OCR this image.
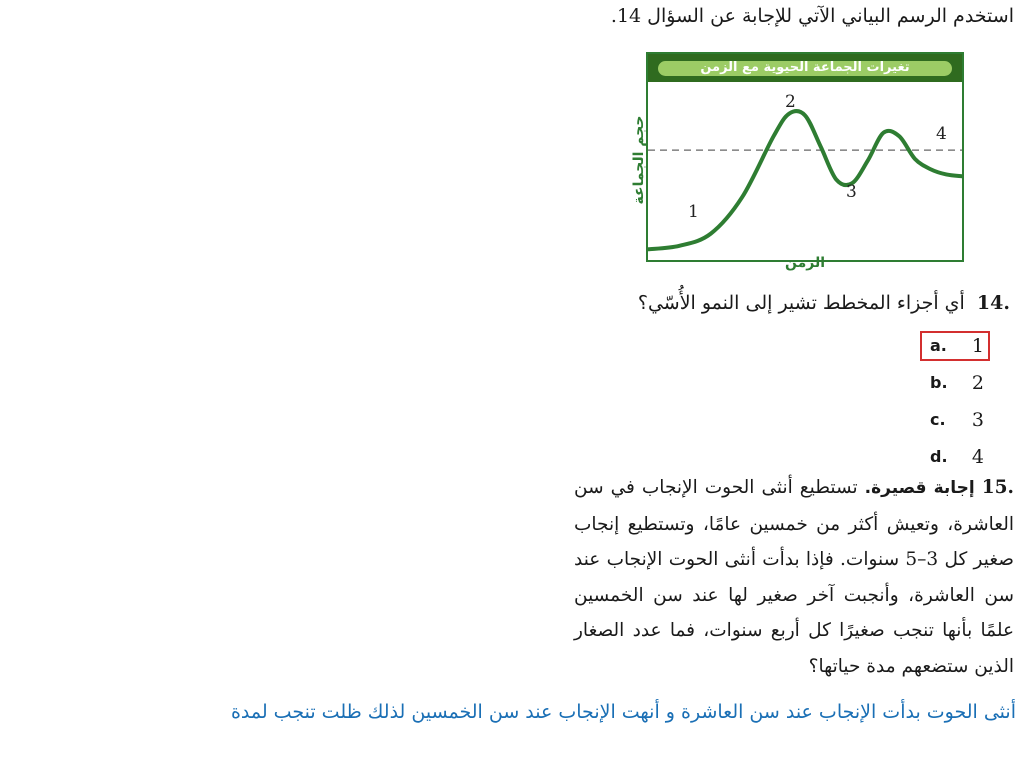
استخدم الرسم البياني الآتي للإجابة عن السؤال 14.
تغيرات الجماعة الحيوية مع الزمن
حجم الجماعة
الزمن
1
2
3
4
.14  أي أجزاء المخطط تشير إلى النمو الأُسّي؟
a. 1
b. 2
c. 3
d. 4
.15 إجابة قصيرة. تستطيع أنثى الحوت الإنجاب في سن العاشرة، وتعيش أكثر من خمسين عامًا، وتستطيع إنجاب صغير كل 3–5 سنوات. فإذا بدأت أنثى الحوت الإنجاب عند سن العاشرة، وأنجبت آخر صغير لها عند سن الخمسين علمًا بأنها تنجب صغيرًا كل أربع سنوات، فما عدد الصغار الذين ستضعهم مدة حياتها؟
أنثى الحوت بدأت الإنجاب عند سن العاشرة و أنهت الإنجاب عند سن الخمسين لذلك ظلت تنجب لمدة
